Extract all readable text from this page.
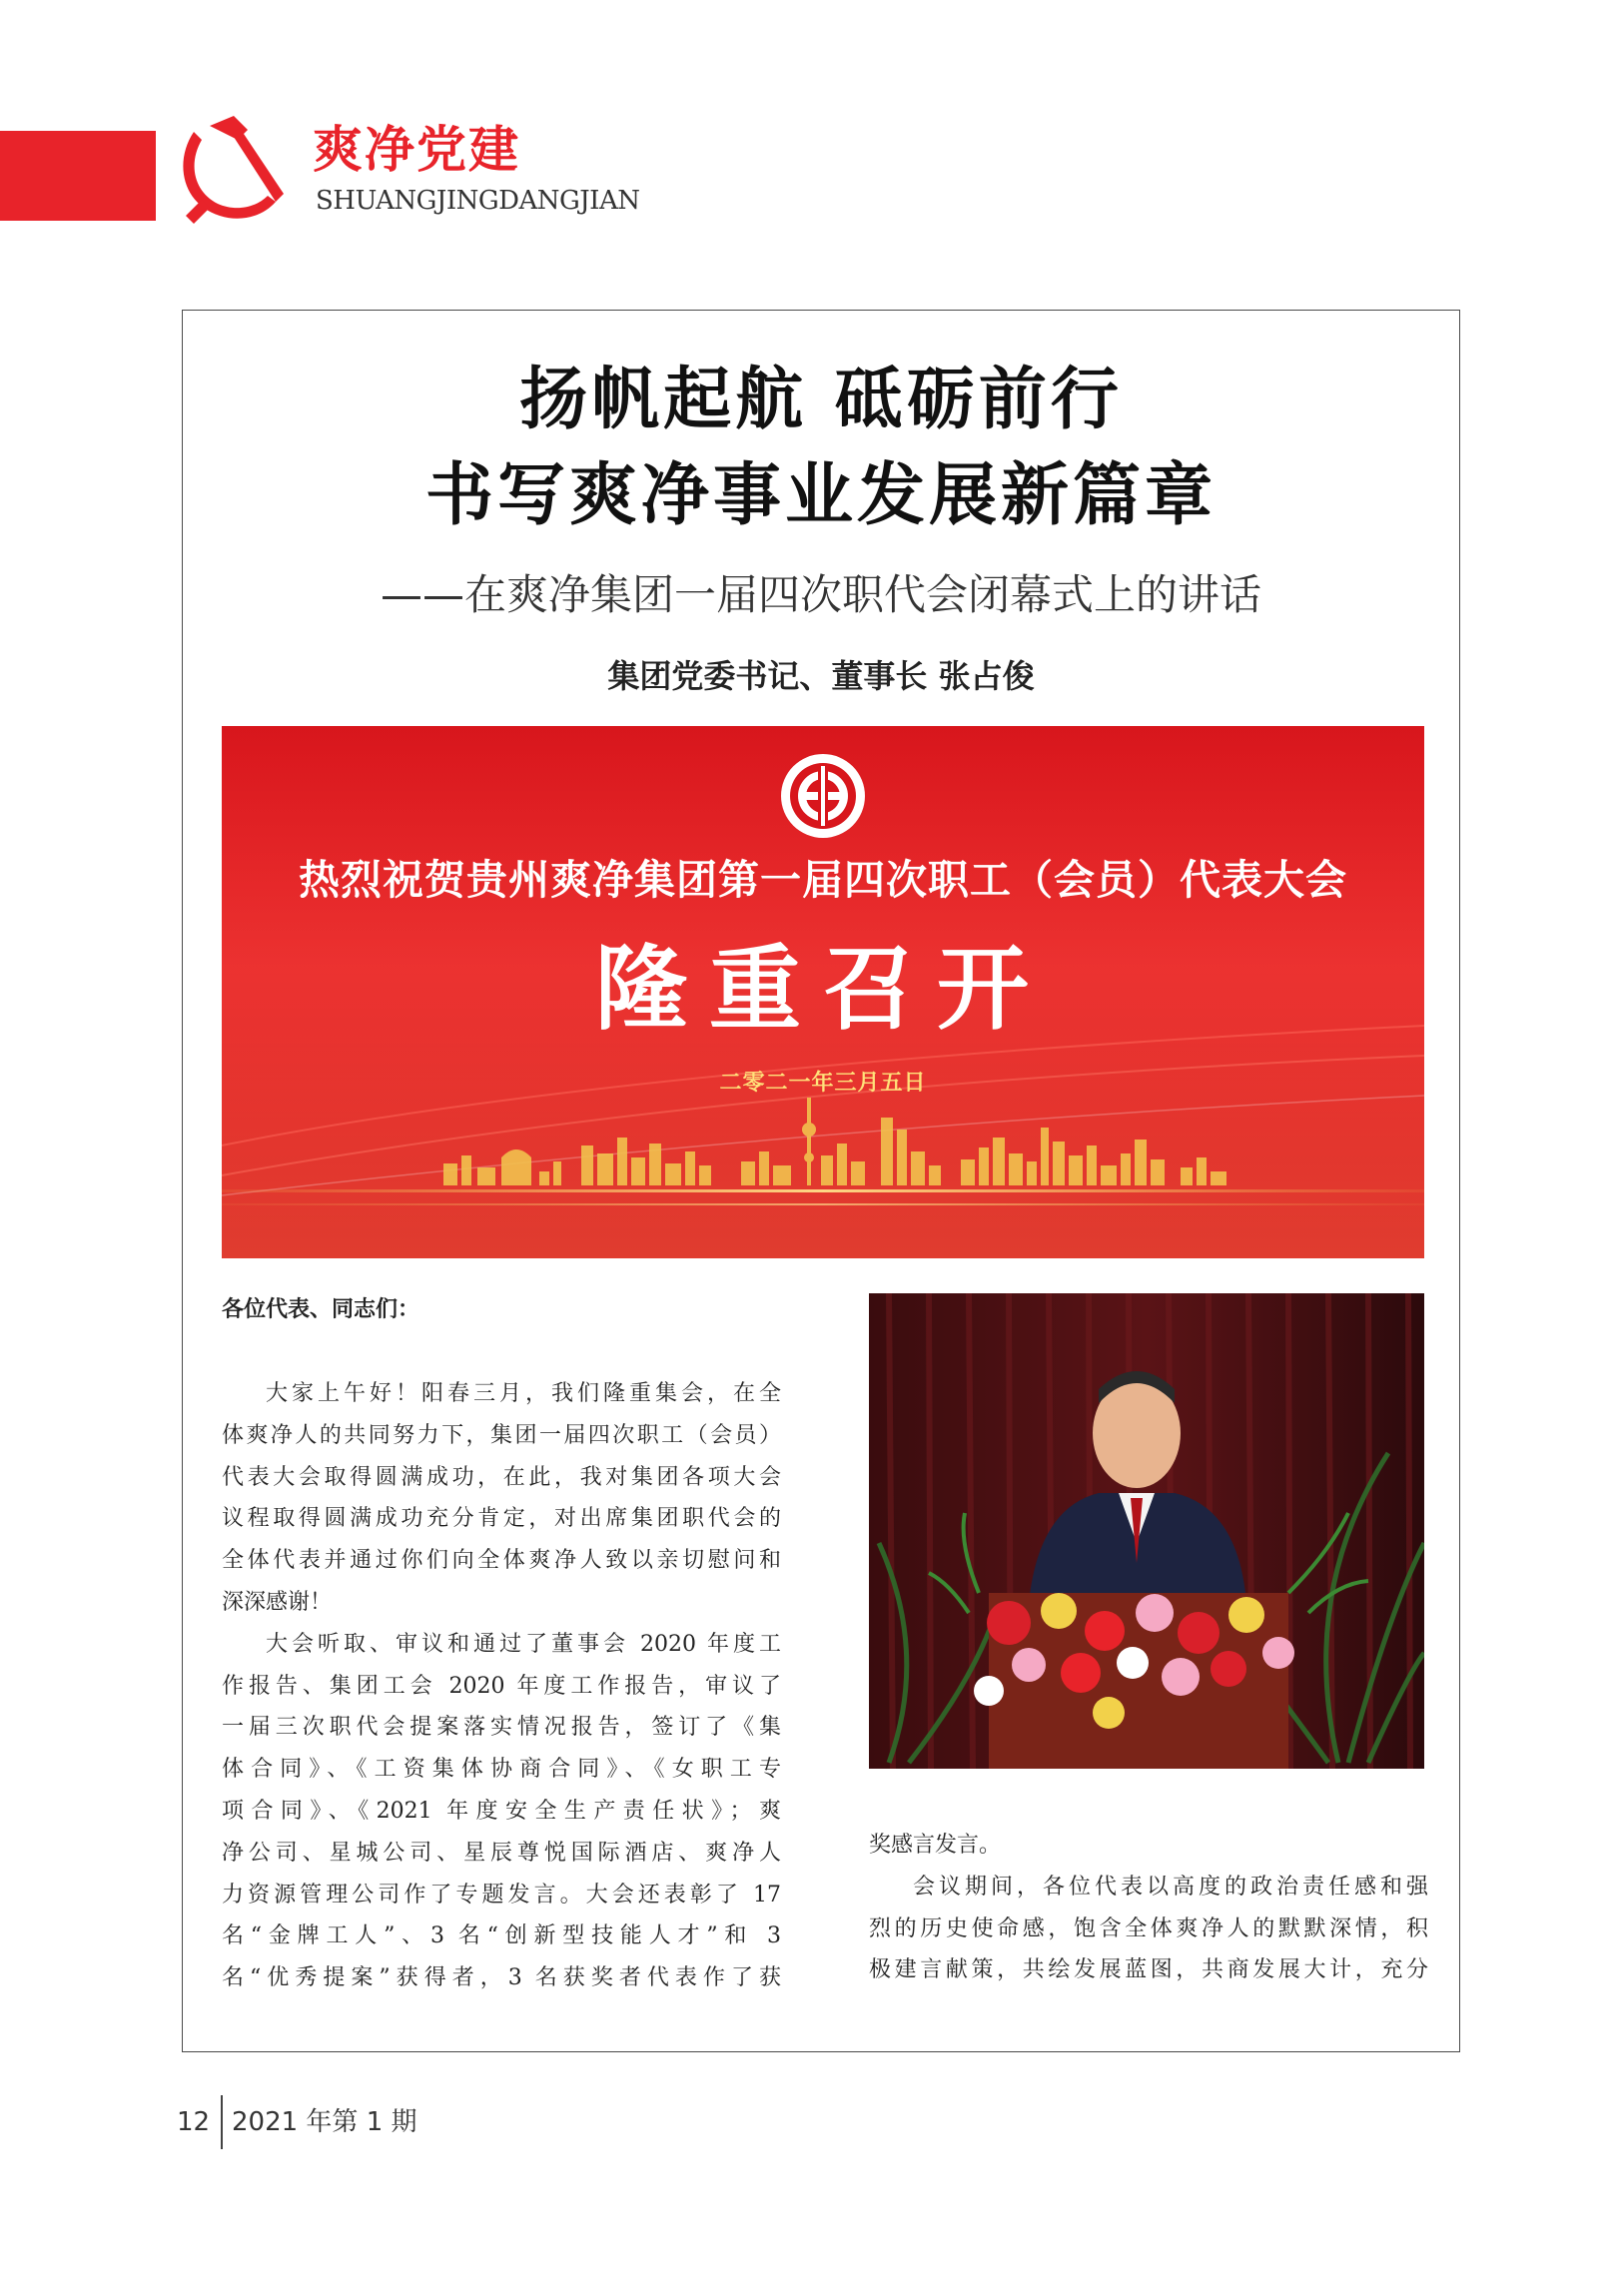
爽净党建
SHUANGJINGDANGJIAN
扬帆起航 砥砺前行
书写爽净事业发展新篇章
——在爽净集团一届四次职代会闭幕式上的讲话
集团党委书记、董事长 张占俊
热烈祝贺贵州爽净集团第一届四次职工（会员）代表大会
隆重召开
二零二一年三月五日
各位代表、同志们：
大家上午好！阳春三月，我们隆重集会，在全
体爽净人的共同努力下，集团一届四次职工（会员）
代表大会取得圆满成功，在此，我对集团各项大会
议程取得圆满成功充分肯定，对出席集团职代会的
全体代表并通过你们向全体爽净人致以亲切慰问和
深深感谢！
大会听取、审议和通过了董事会 2020 年度工
作报告、集团工会 2020 年度工作报告，审议了
一届三次职代会提案落实情况报告，签订了《集
体合同》、《工资集体协商合同》、《女职工专
项合同》、《2021 年度安全生产责任状》；爽
净公司、星城公司、星辰尊悦国际酒店、爽净人
力资源管理公司作了专题发言。大会还表彰了 17
名“金牌工人”、3 名“创新型技能人才”和 3
名“优秀提案”获得者，3 名获奖者代表作了获
奖感言发言。
会议期间，各位代表以高度的政治责任感和强
烈的历史使命感，饱含全体爽净人的默默深情，积
极建言献策，共绘发展蓝图，共商发展大计，充分
12 2021 年第 1 期
